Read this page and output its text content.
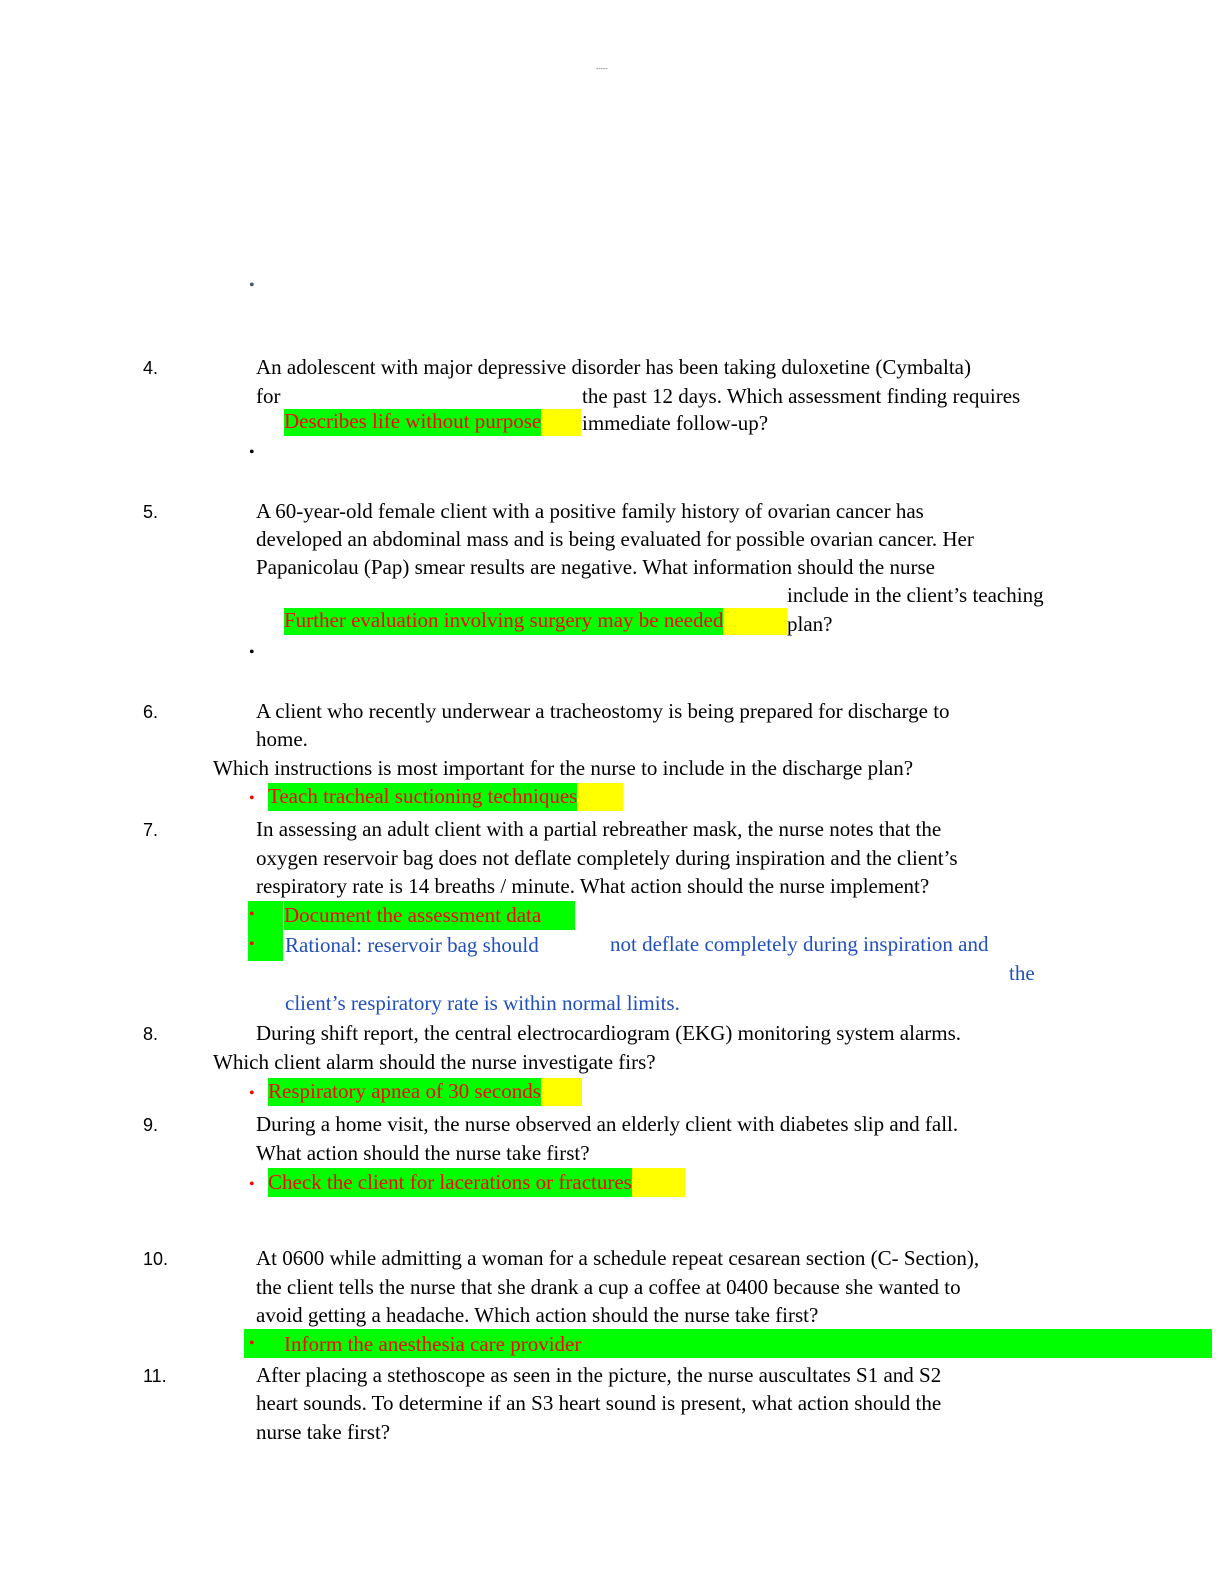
-----
•
4.	An adolescent with major depressive disorder has been taking duloxetine (Cymbalta)
for	the past 12 days. Which assessment finding requires
Describes life without purpose immediate follow-up?
•
5.	A 60-year-old female client with a positive family history of ovarian cancer has
developed an abdominal mass and is being evaluated for possible ovarian cancer. Her
Papanicolau (Pap) smear results are negative. What information should the nurse
include in the client’s teaching
Further evaluation involving surgery may be needed	plan?
•
6.	A client who recently underwear a tracheostomy is being prepared for discharge to
home.
Which instructions is most important for the nurse to include in the discharge plan?
• Teach tracheal suctioning techniques
7.	In assessing an adult client with a partial rebreather mask, the nurse notes that the
oxygen reservoir bag does not deflate completely during inspiration and the client’s
respiratory rate is 14 breaths / minute. What action should the nurse implement?
• Document the assessment data
• Rational: reservoir bag should	not deflate completely during inspiration and
the
client’s respiratory rate is within normal limits.
8.	During shift report, the central electrocardiogram (EKG) monitoring system alarms.
Which client alarm should the nurse investigate firs?
• Respiratory apnea of 30 seconds
9.	During a home visit, the nurse observed an elderly client with diabetes slip and fall.
What action should the nurse take first?
• Check the client for lacerations or fractures
10.	At 0600 while admitting a woman for a schedule repeat cesarean section (C- Section),
the client tells the nurse that she drank a cup a coffee at 0400 because she wanted to
avoid getting a headache. Which action should the nurse take first?
• Inform the anesthesia care provider
11.	After placing a stethoscope as seen in the picture, the nurse auscultates S1 and S2
heart sounds. To determine if an S3 heart sound is present, what action should the
nurse take first?
